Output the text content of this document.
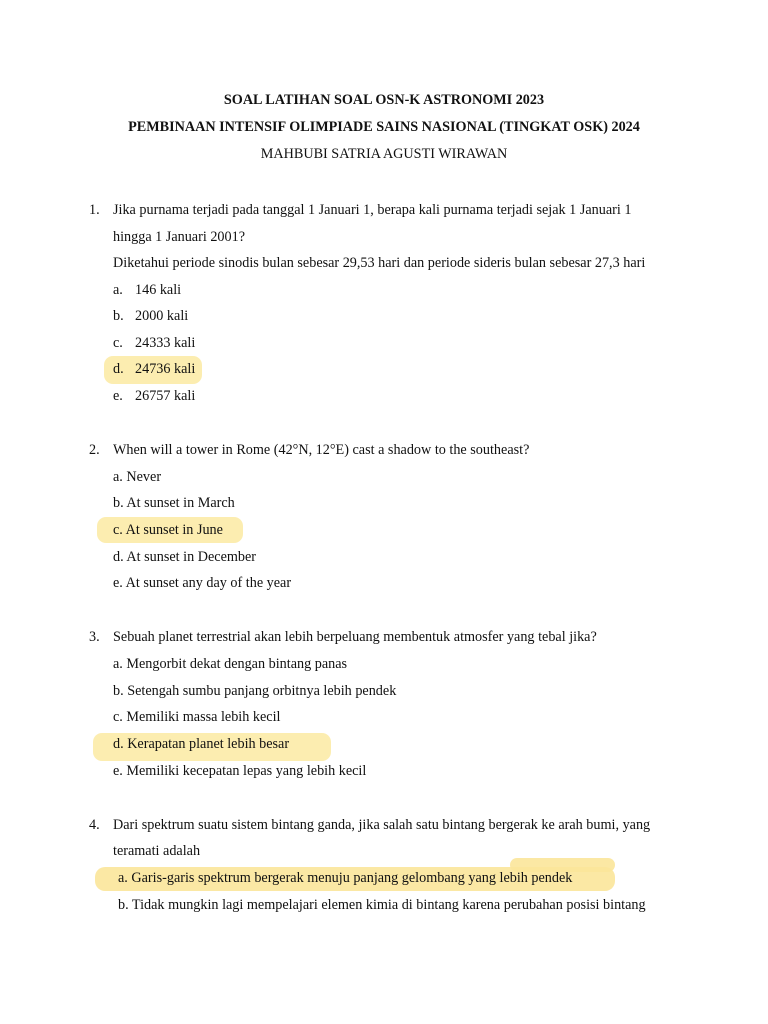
SOAL LATIHAN SOAL OSN-K ASTRONOMI 2023
PEMBINAAN INTENSIF OLIMPIADE SAINS NASIONAL (TINGKAT OSK) 2024
MAHBUBI SATRIA AGUSTI WIRAWAN
1. Jika purnama terjadi pada tanggal 1 Januari 1, berapa kali purnama terjadi sejak 1 Januari 1
hingga 1 Januari 2001?
Diketahui periode sinodis bulan sebesar 29,53 hari dan periode sideris bulan sebesar 27,3 hari
a. 146 kali
b. 2000 kali
c. 24333 kali
d. 24736 kali
e. 26757 kali
2. When will a tower in Rome (42°N, 12°E) cast a shadow to the southeast?
a. Never
b. At sunset in March
c. At sunset in June
d. At sunset in December
e. At sunset any day of the year
3. Sebuah planet terrestrial akan lebih berpeluang membentuk atmosfer yang tebal jika?
a. Mengorbit dekat dengan bintang panas
b. Setengah sumbu panjang orbitnya lebih pendek
c. Memiliki massa lebih kecil
d. Kerapatan planet lebih besar
e. Memiliki kecepatan lepas yang lebih kecil
4. Dari spektrum suatu sistem bintang ganda, jika salah satu bintang bergerak ke arah bumi, yang
teramati adalah
a. Garis-garis spektrum bergerak menuju panjang gelombang yang lebih pendek
b. Tidak mungkin lagi mempelajari elemen kimia di bintang karena perubahan posisi bintang
